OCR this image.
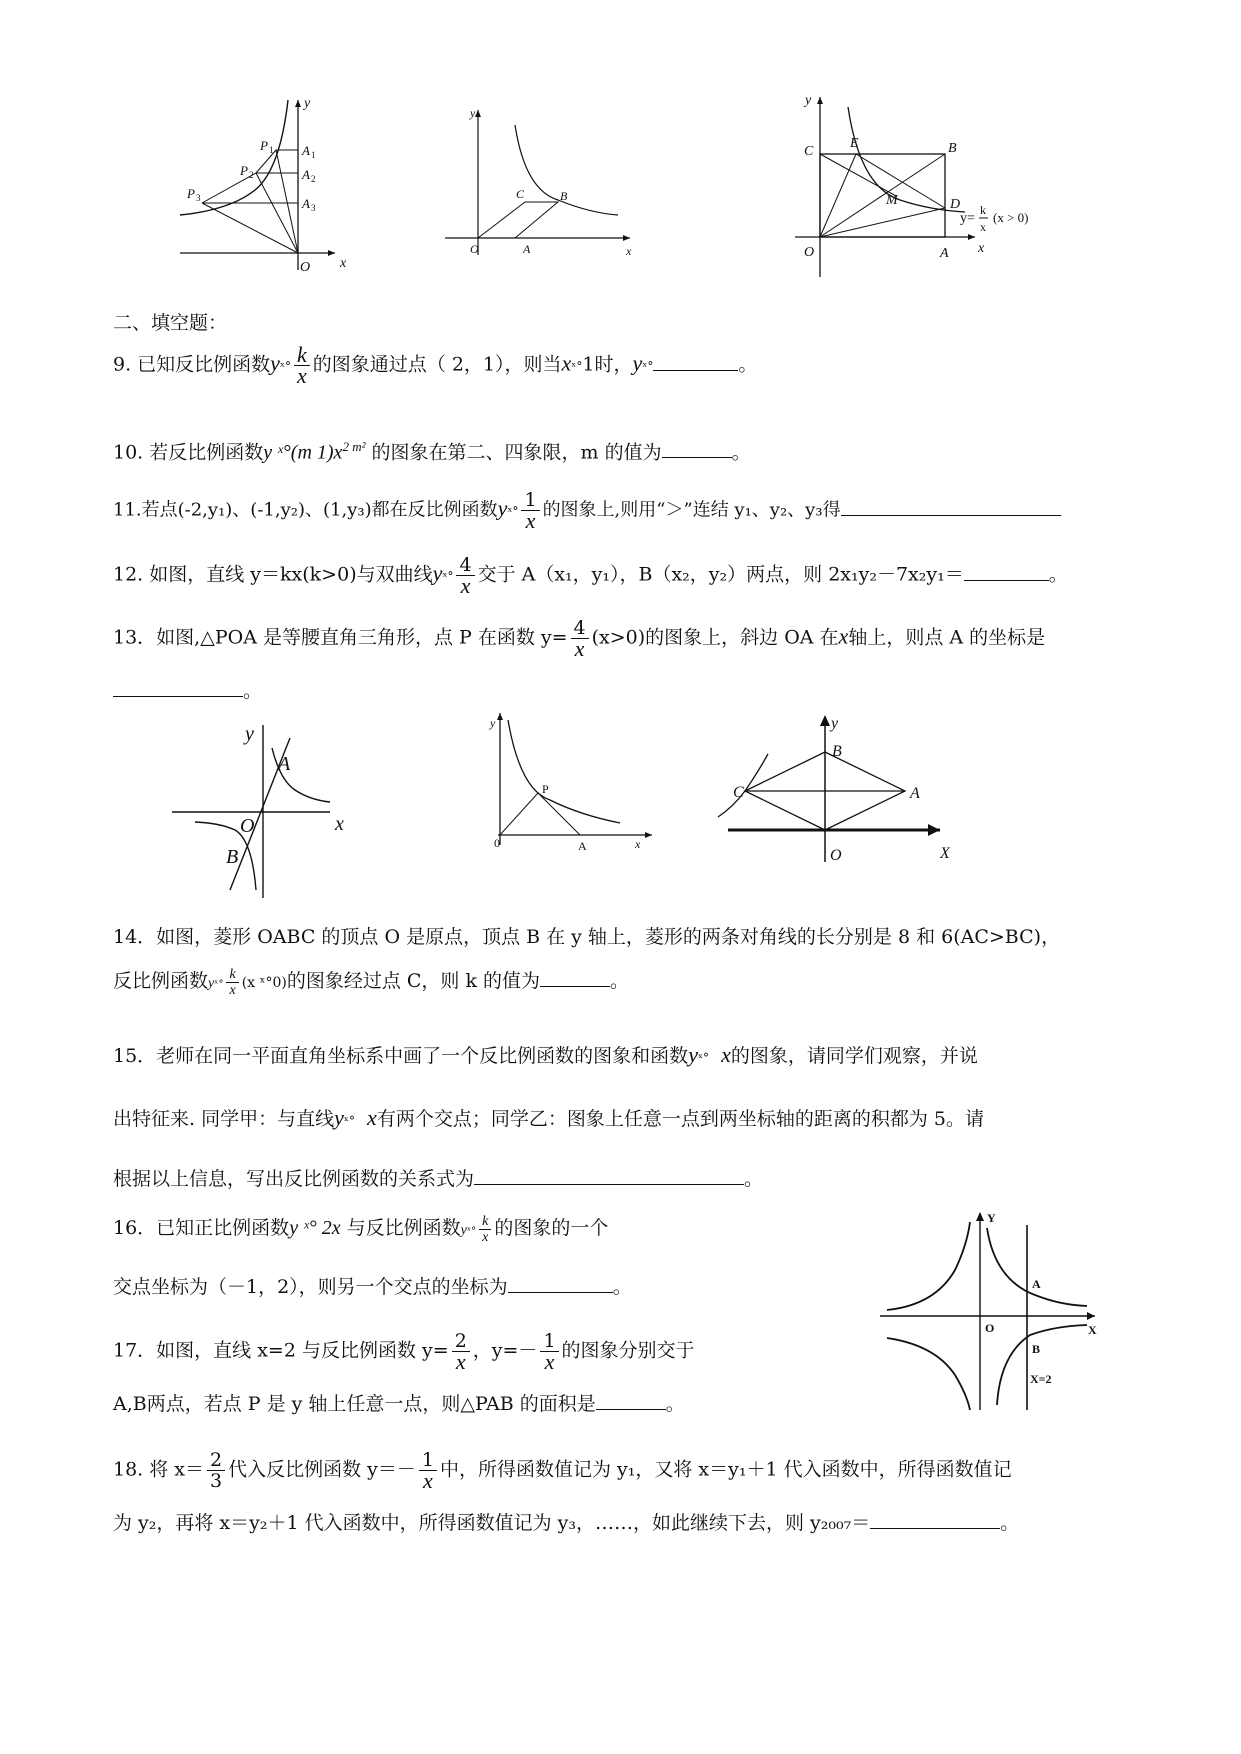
y
x
O
P 1
P 2
P 3
A 1
A 2
A 3
y
x
O	A
B
C
y
x
O	A
B
C
D
E
M
y=
k
x
(x > 0)
二、填空题：
9. 已知反比例函数yˣ° $\frac{k}{x}$ 的图象通过点（ 2，1），则当xˣ°1时，yˣ°	。
10. 若反比例函数y ˣ°(m $1)x^{2 m^2}$ 的图象在第二、四象限，m 的值为	。
11.若点(-2,y₁)、(-1,y₂)、(1,y₃)都在反比例函数yˣ° $\frac{1}{x}$ 的图象上,则用“＞”连结 y₁、y₂、y₃得
12. 如图，直线 y＝kx(k>0)与双曲线yˣ° $\frac{4}{x}$ 交于 A（x₁，y₁），B（x₂，y₂）两点，则 2x₁y₂－7x₂y₁＝	。
13．如图,△POA 是等腰直角三角形，点 P 在函数 $y= \frac{4}{x} (x>0)$的图象上，斜边 OA 在x轴上，则点 A 的坐标是
。
y
x
O
A
B
y
x
0
P
A
y
X
O
A
B
C
14．如图，菱形 OABC 的顶点 O 是原点，顶点 B 在 y 轴上，菱形的两条对角线的长分别是 8 和 6(AC>BC)，
反比例函数yˣ° $\frac{k}{x} (x$ ˣ°0)的图象经过点 C，则 k 的值为	。
15．老师在同一平面直角坐标系中画了一个反比例函数的图象和函数yˣ° x的图象，请同学们观察，并说
出特征来. 同学甲：与直线yˣ° x有两个交点；同学乙：图象上任意一点到两坐标轴的距离的积都为 5。请
根据以上信息，写出反比例函数的关系式为	。
16．已知正比例函数y ˣ° 2x 与反比例函数yˣ° $\frac{k}{x}$ 的图象的一个
交点坐标为（－1，2），则另一个交点的坐标为	。
17．如图，直线 x=2 与反比例函数 $y= \frac{2}{x}$ ，$y=- \frac{1}{x}$ 的图象分别交于
A,B两点，若点 P 是 y 轴上任意一点，则△PAB 的面积是	。
Y
X
O
A
B
X=2
18. 将 $x= \frac{2}{3}$ 代入反比例函数 $y=- \frac{1}{x}$ 中，所得函数值记为 y₁，又将 x＝y₁＋1 代入函数中，所得函数值记
为 y₂，再将 x＝y₂＋1 代入函数中，所得函数值记为 y₃，……，如此继续下去，则 y₂₀₀₇＝	。
